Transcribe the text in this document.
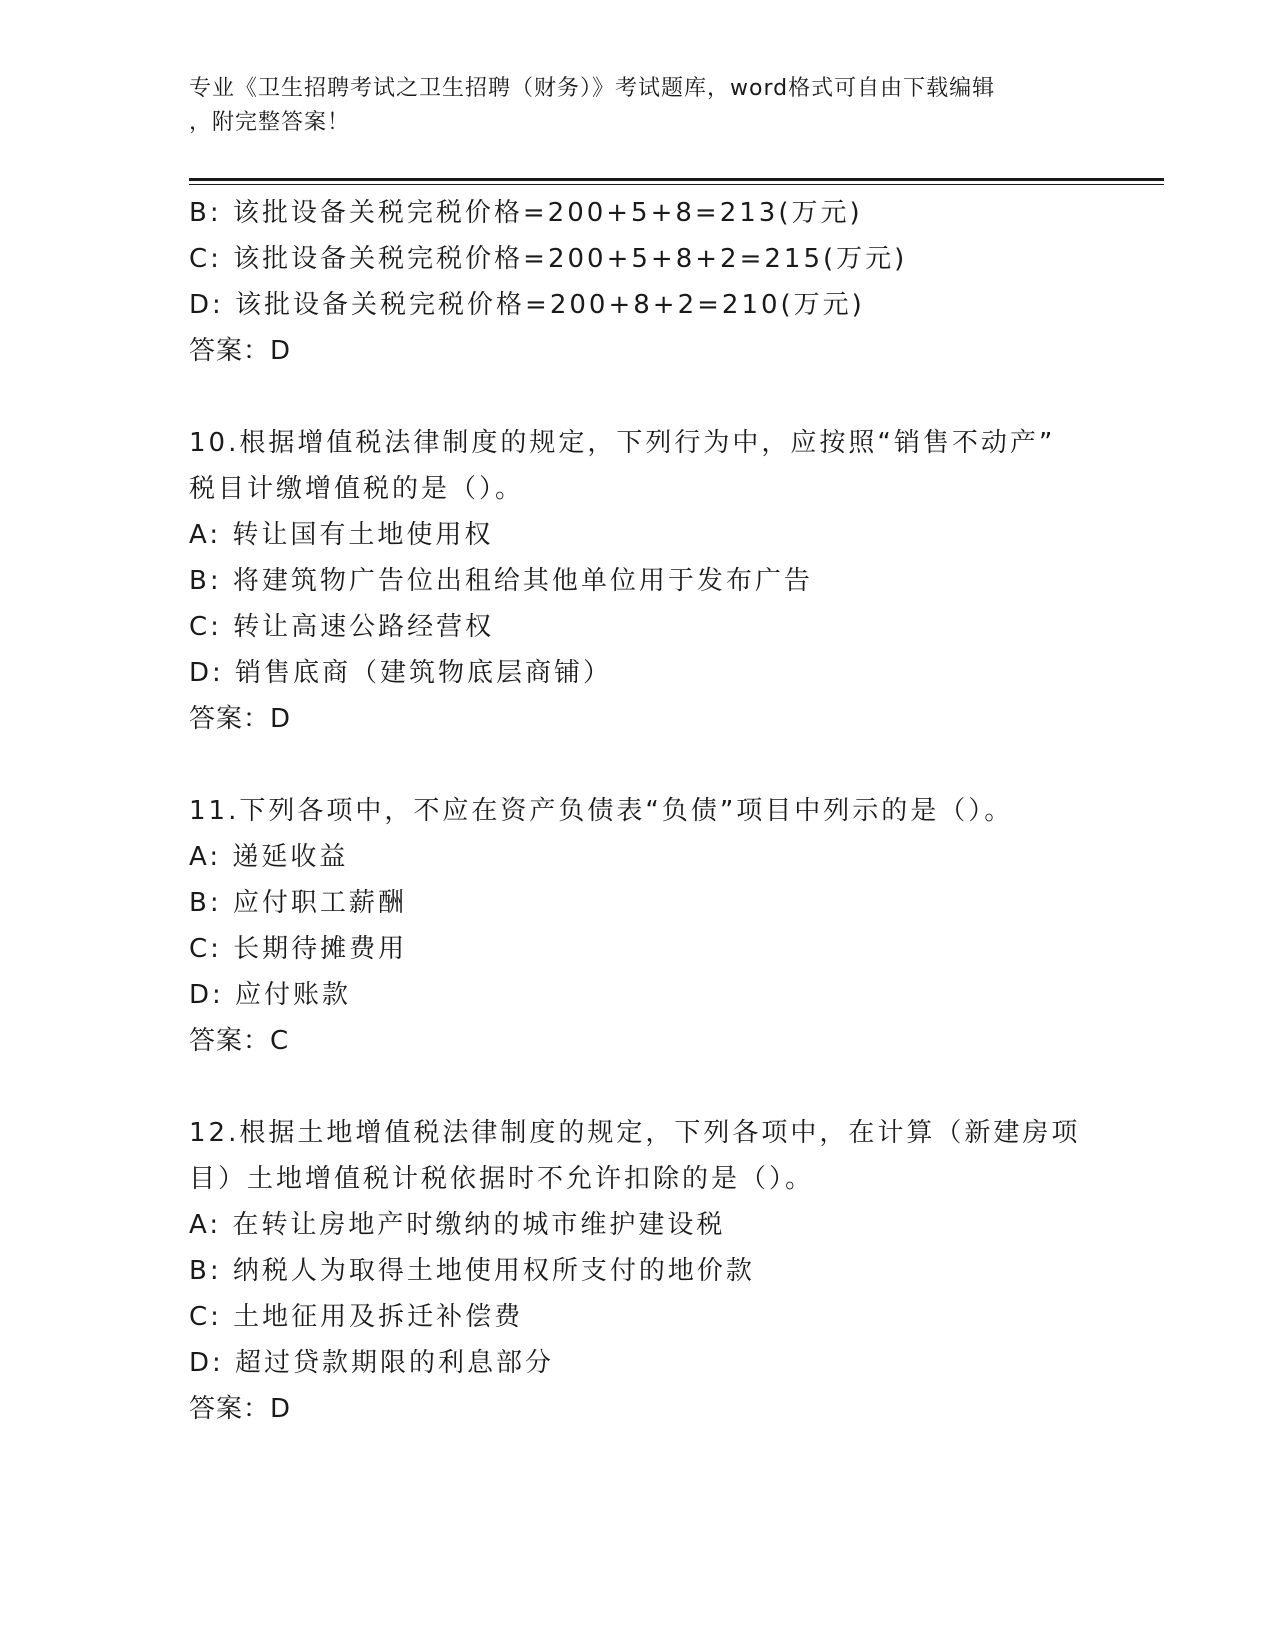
专业《卫生招聘考试之卫生招聘（财务）》考试题库，word格式可自由下载编辑
，附完整答案！
B: 该批设备关税完税价格=200+5+8=213(万元)
C: 该批设备关税完税价格=200+5+8+2=215(万元)
D: 该批设备关税完税价格=200+8+2=210(万元)
答案：D
10.根据增值税法律制度的规定，下列行为中，应按照“销售不动产”
税目计缴增值税的是（）。
A: 转让国有土地使用权
B: 将建筑物广告位出租给其他单位用于发布广告
C: 转让高速公路经营权
D: 销售底商（建筑物底层商铺）
答案：D
11.下列各项中，不应在资产负债表“负债”项目中列示的是（）。
A: 递延收益
B: 应付职工薪酬
C: 长期待摊费用
D: 应付账款
答案：C
12.根据土地增值税法律制度的规定，下列各项中，在计算（新建房项
目）土地增值税计税依据时不允许扣除的是（）。
A: 在转让房地产时缴纳的城市维护建设税
B: 纳税人为取得土地使用权所支付的地价款
C: 土地征用及拆迁补偿费
D: 超过贷款期限的利息部分
答案：D
